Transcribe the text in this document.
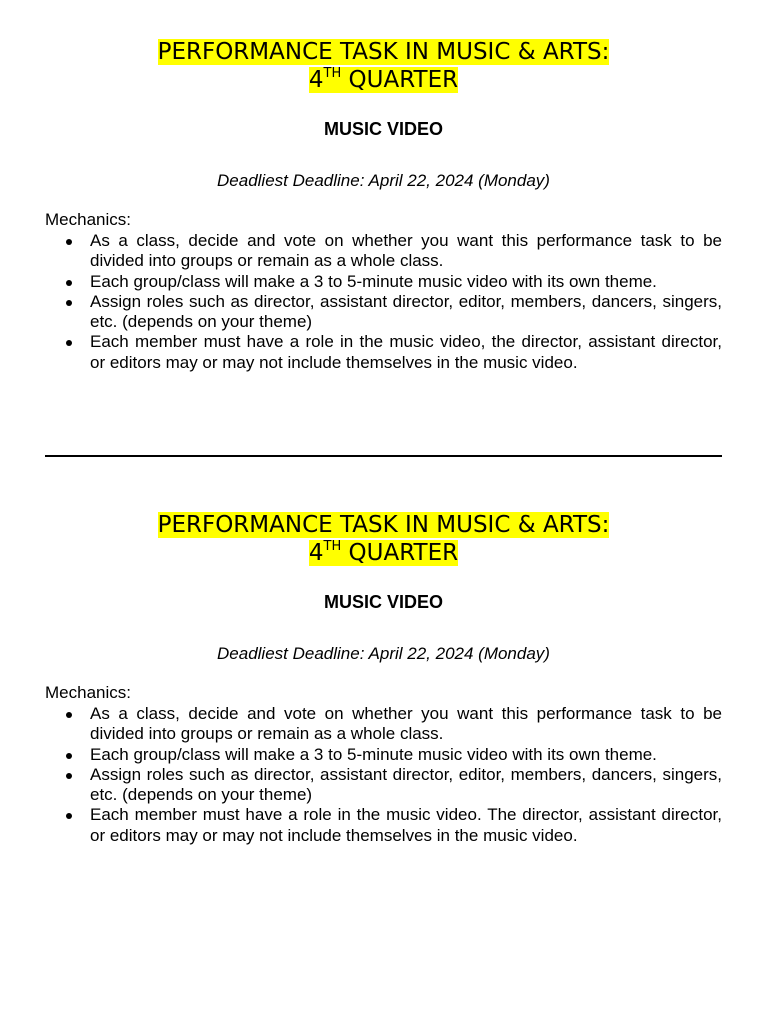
PERFORMANCE TASK IN MUSIC & ARTS:
4TH QUARTER

MUSIC VIDEO

Deadliest Deadline: April 22, 2024 (Monday)

Mechanics:

As a class, decide and vote on whether you want this performance task to be divided into groups or remain as a whole class.
Each group/class will make a 3 to 5-minute music video with its own theme.
Assign roles such as director, assistant director, editor, members, dancers, singers, etc. (depends on your theme)
Each member must have a role in the music video, the director, assistant director, or editors may or may not include themselves in the music video.

PERFORMANCE TASK IN MUSIC & ARTS:
4TH QUARTER

MUSIC VIDEO

Deadliest Deadline: April 22, 2024 (Monday)

Mechanics:

As a class, decide and vote on whether you want this performance task to be divided into groups or remain as a whole class.
Each group/class will make a 3 to 5-minute music video with its own theme.
Assign roles such as director, assistant director, editor, members, dancers, singers, etc. (depends on your theme)
Each member must have a role in the music video. The director, assistant director, or editors may or may not include themselves in the music video.
